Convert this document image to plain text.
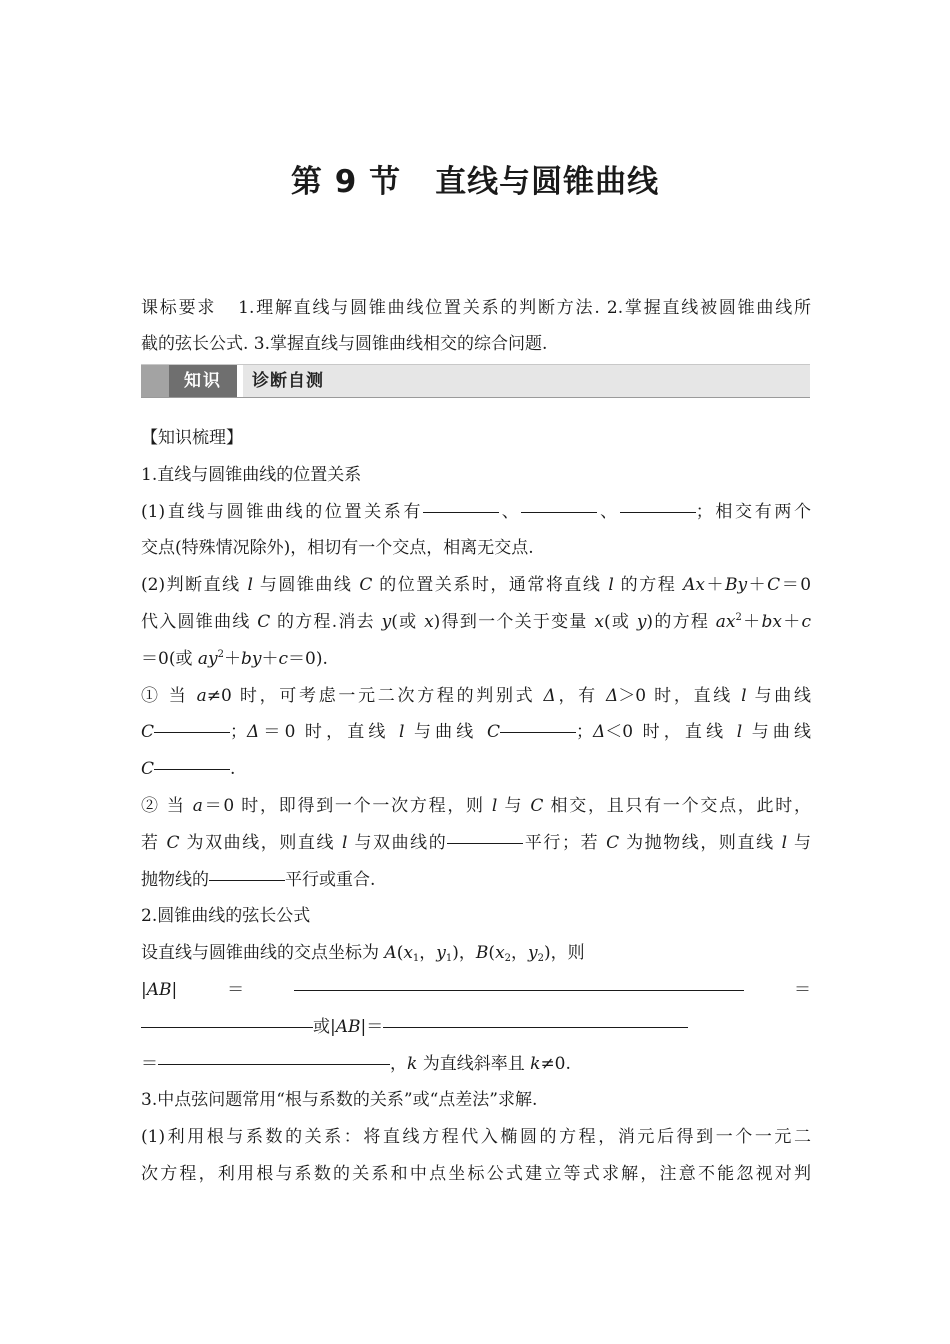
第 9 节 直线与圆锥曲线
课标要求 1.理解直线与圆锥曲线位置关系的判断方法. 2.掌握直线被圆锥曲线所
截的弦长公式. 3.掌握直线与圆锥曲线相交的综合问题.
知识	诊断自测
【知识梳理】
1.直线与圆锥曲线的位置关系
(1)直线与圆锥曲线的位置关系有	、	、	；相交有两个
交点(特殊情况除外)，相切有一个交点，相离无交点.
(2)判断直线 l 与圆锥曲线 C 的位置关系时，通常将直线 l 的方程 Ax＋By＋C＝0
代入圆锥曲线 C 的方程.消去 y(或 x)得到一个关于变量 x(或 y)的方程 $ax^2+bx+c$
＝0(或 $ay^2+by+c=0$).
① 当 a≠0 时，可考虑一元二次方程的判别式 Δ，有 Δ＞0 时，直线 l 与曲线
C	；Δ＝0 时，直线 l 与曲线 C	；Δ＜0 时，直线 l 与曲线
C	.
② 当 a＝0 时，即得到一个一次方程，则 l 与 C 相交，且只有一个交点，此时，
若 C 为双曲线，则直线 l 与双曲线的	平行；若 C 为抛物线，则直线 l 与
抛物线的	平行或重合.
2.圆锥曲线的弦长公式
设直线与圆锥曲线的交点坐标为 $A(x_1$，$y_1$)，$B(x_2$，$y_2$)，则
|AB|＝	＝
或|AB|＝
＝	，k 为直线斜率且 k≠0.
3.中点弦问题常用“根与系数的关系”或“点差法”求解.
(1)利用根与系数的关系：将直线方程代入椭圆的方程，消元后得到一个一元二
次方程，利用根与系数的关系和中点坐标公式建立等式求解，注意不能忽视对判
